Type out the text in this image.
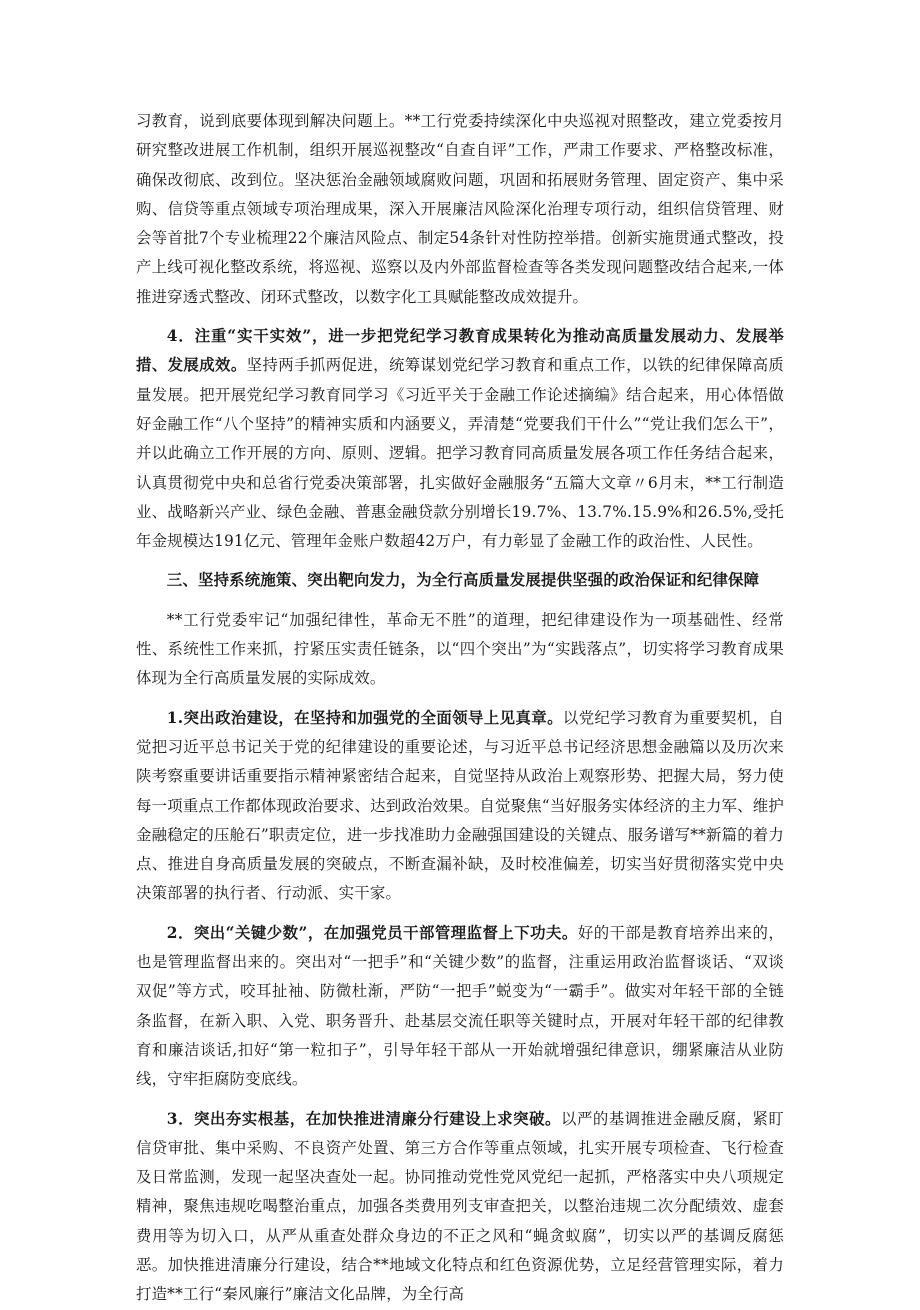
习教育，说到底要体现到解决问题上。**工行党委持续深化中央巡视对照整改，建立党委按月研究整改进展工作机制，组织开展巡视整改“自查自评”工作，严肃工作要求、严格整改标准，确保改彻底、改到位。坚决惩治金融领域腐败问题，巩固和拓展财务管理、固定资产、集中采购、信贷等重点领域专项治理成果，深入开展廉洁风险深化治理专项行动，组织信贷管理、财会等首批7个专业梳理22个廉洁风险点、制定54条针对性防控举措。创新实施贯通式整改，投产上线可视化整改系统，将巡视、巡察以及内外部监督检查等各类发现问题整改结合起来,一体推进穿透式整改、闭环式整改，以数字化工具赋能整改成效提升。

4．注重“实干实效”，进一步把党纪学习教育成果转化为推动高质量发展动力、发展举措、发展成效。坚持两手抓两促进，统筹谋划党纪学习教育和重点工作，以铁的纪律保障高质量发展。把开展党纪学习教育同学习《习近平关于金融工作论述摘编》结合起来，用心体悟做好金融工作“八个坚持”的精神实质和内涵要义，弄清楚“党要我们干什么”“党让我们怎么干”，并以此确立工作开展的方向、原则、逻辑。把学习教育同高质量发展各项工作任务结合起来，认真贯彻党中央和总省行党委决策部署，扎实做好金融服务“五篇大文章〃6月末，**工行制造业、战略新兴产业、绿色金融、普惠金融贷款分别增长19.7%、13.7%.15.9%和26.5%,受托年金规模达191亿元、管理年金账户数超42万户，有力彰显了金融工作的政治性、人民性。

三、坚持系统施策、突出靶向发力，为全行高质量发展提供坚强的政治保证和纪律保障

**工行党委牢记“加强纪律性，革命无不胜”的道理，把纪律建设作为一项基础性、经常性、系统性工作来抓，拧紧压实责任链条，以“四个突出”为“实践落点”，切实将学习教育成果体现为全行高质量发展的实际成效。

1.突出政治建设，在坚持和加强党的全面领导上见真章。以党纪学习教育为重要契机，自觉把习近平总书记关于党的纪律建设的重要论述，与习近平总书记经济思想金融篇以及历次来陕考察重要讲话重要指示精神紧密结合起来，自觉坚持从政治上观察形势、把握大局，努力使每一项重点工作都体现政治要求、达到政治效果。自觉聚焦“当好服务实体经济的主力军、维护金融稳定的压舱石”职责定位，进一步找准助力金融强国建设的关键点、服务谱写**新篇的着力点、推进自身高质量发展的突破点，不断查漏补缺，及时校准偏差，切实当好贯彻落实党中央决策部署的执行者、行动派、实干家。

2．突出“关键少数”，在加强党员干部管理监督上下功夫。好的干部是教育培养出来的，也是管理监督出来的。突出对“一把手”和“关键少数”的监督，注重运用政治监督谈话、“双谈双促”等方式，咬耳扯袖、防微杜渐，严防“一把手”蜕变为“一霸手”。做实对年轻干部的全链条监督，在新入职、入党、职务晋升、赴基层交流任职等关键时点，开展对年轻干部的纪律教育和廉洁谈话,扣好“第一粒扣子”，引导年轻干部从一开始就增强纪律意识，绷紧廉洁从业防线，守牢拒腐防变底线。

3．突出夯实根基，在加快推进清廉分行建设上求突破。以严的基调推进金融反腐，紧盯信贷审批、集中采购、不良资产处置、第三方合作等重点领域，扎实开展专项检查、飞行检查及日常监测，发现一起坚决查处一起。协同推动党性党风党纪一起抓，严格落实中央八项规定精神，聚焦违规吃喝整治重点，加强各类费用列支审查把关，以整治违规二次分配绩效、虚套费用等为切入口，从严从重查处群众身边的不正之风和“蝇贪蚁腐”，切实以严的基调反腐惩恶。加快推进清廉分行建设，结合**地域文化特点和红色资源优势，立足经营管理实际，着力打造**工行“秦风廉行”廉洁文化品牌，为全行高
